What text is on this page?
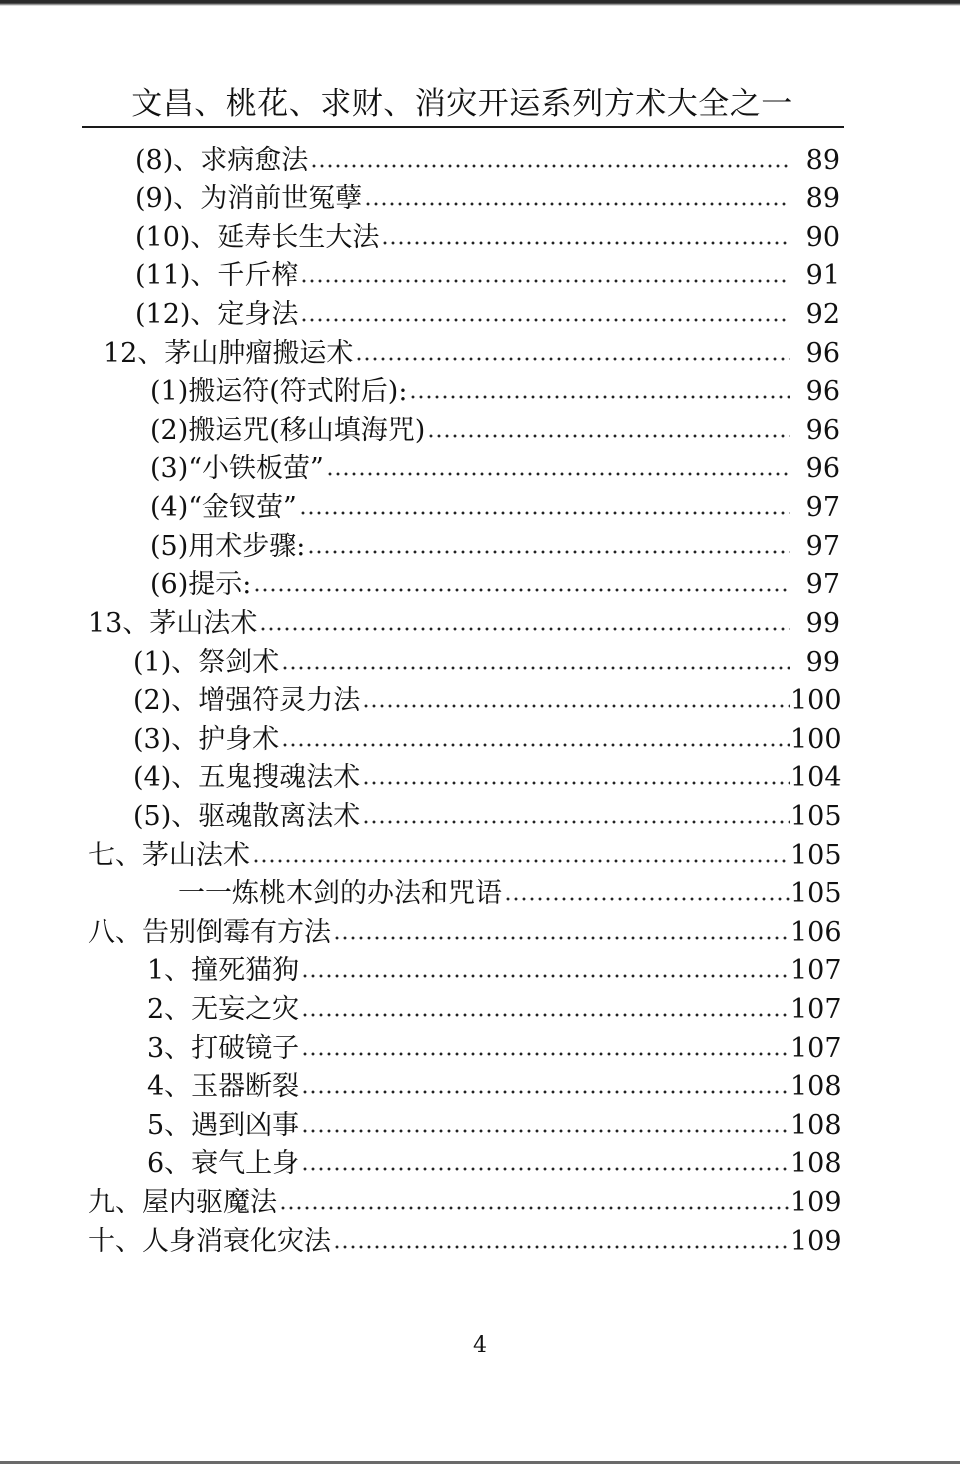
文昌、桃花、求财、消灾开运系列方术大全之一
(8)、求病愈法	89
(9)、为消前世冤孽	89
(10)、延寿长生大法	90
(11)、千斤榨	91
(12)、定身法	92
12、茅山肿瘤搬运术	96
(1)搬运符(符式附后):	96
(2)搬运咒(移山填海咒)	96
(3)“小铁板萤”	96
(4)“金钗萤”	97
(5)用术步骤:	97
(6)提示:	97
13、茅山法术	99
(1)、祭剑术	99
(2)、增强符灵力法	100
(3)、护身术	100
(4)、五鬼搜魂法术	104
(5)、驱魂散离法术	105
七、茅山法术	105
一一炼桃木剑的办法和咒语	105
八、告别倒霉有方法	106
1、撞死猫狗	107
2、无妄之灾	107
3、打破镜子	107
4、玉器断裂	108
5、遇到凶事	108
6、衰气上身	108
九、屋内驱魔法	109
十、人身消衰化灾法	109
4
